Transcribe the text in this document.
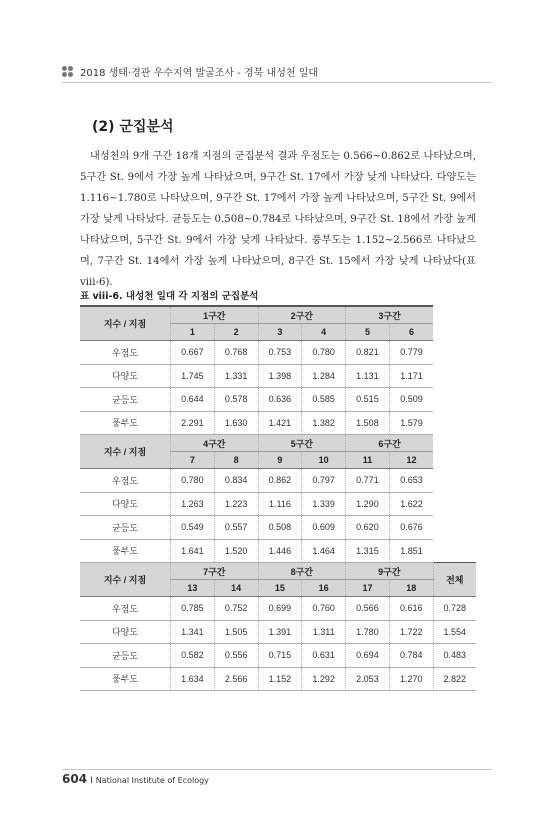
2018 생태·경관 우수지역 발굴조사 - 경북 내성천 일대
(2) 군집분석

내성천의 9개 구간 18개 지점의 군집분석 결과 우점도는 0.566~0.862로 나타났으며, 5구간 St. 9에서 가장 높게 나타났으며, 9구간 St. 17에서 가장 낮게 나타났다. 다양도는 1.116~1.780로 나타났으며, 9구간 St. 17에서 가장 높게 나타났으며, 5구간 St. 9에서 가장 낮게 나타났다. 균등도는 0.508~0.784로 나타났으며, 9구간 St. 18에서 가장 높게 나타났으며, 5구간 St. 9에서 가장 낮게 나타났다. 풍부도는 1.152~2.566로 나타났으며, 7구간 St. 14에서 가장 높게 나타났으며, 8구간 St. 15에서 가장 낮게 나타났다(표 viii-6).

표 viii-6. 내성천 일대 각 지점의 군집분석
지수 / 지점	1구간		2구간		3구간		
	1	2	3	4	5	6	
우점도	0.667	0.768	0.753	0.780	0.821	0.779	
다양도	1.745	1.331	1.398	1.284	1.131	1.171	
균등도	0.644	0.578	0.636	0.585	0.515	0.509	
풍부도	2.291	1.630	1.421	1.382	1.508	1.579	
지수 / 지점	4구간		5구간		6구간		
	7	8	9	10	11	12	
우점도	0.780	0.834	0.862	0.797	0.771	0.653	
다양도	1.263	1.223	1.116	1.339	1.290	1.622	
균등도	0.549	0.557	0.508	0.609	0.620	0.676	
풍부도	1.641	1.520	1.446	1.464	1.315	1.851	
지수 / 지점	7구간		8구간		9구간		전체
	13	14	15	16	17	18	
우점도	0.785	0.752	0.699	0.760	0.566	0.616	0.728
다양도	1.341	1.505	1.391	1.311	1.780	1.722	1.554
균등도	0.582	0.556	0.715	0.631	0.694	0.784	0.483
풍부도	1.634	2.566	1.152	1.292	2.053	1.270	2.822
604 I National Institute of Ecology
